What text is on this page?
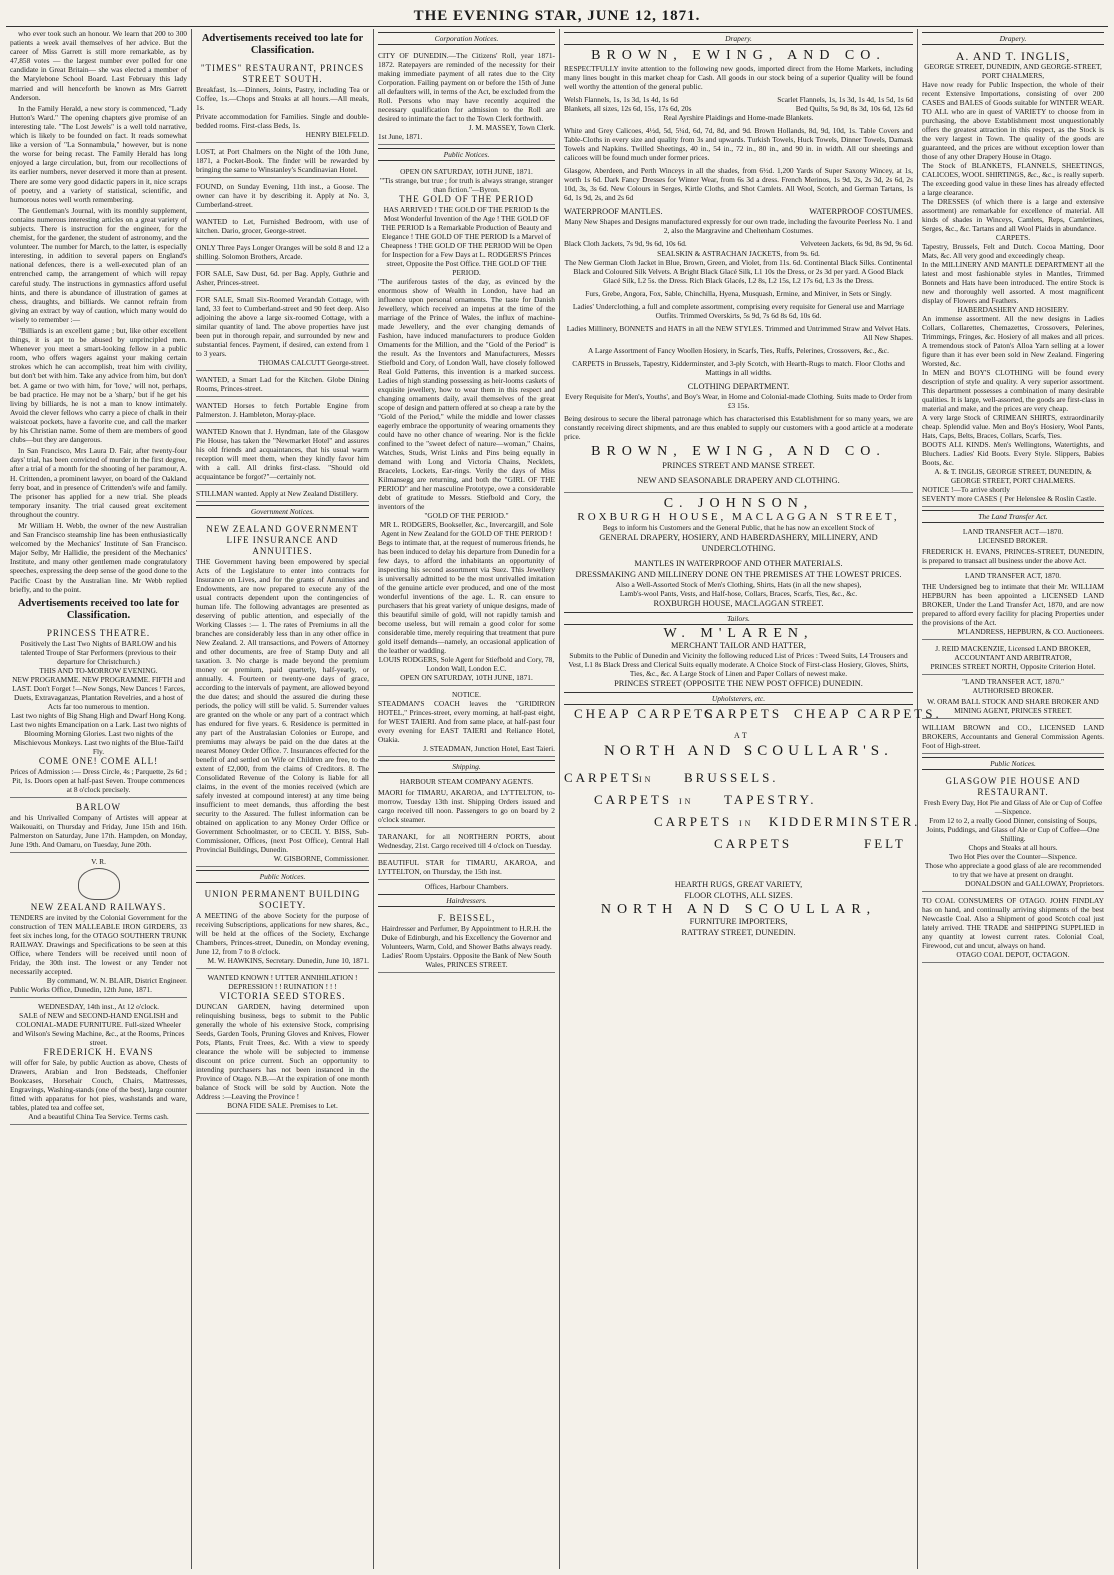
THE EVENING STAR, JUNE 12, 1871.

who ever took such an honour. We learn that 200 to 300 patients a week avail themselves of her advice. But the career of Miss Garrett is still more remarkable, as by 47,858 votes — the largest number ever polled for one candidate in Great Britain— she was elected a member of the Marylebone School Board. Last February this lady married and will henceforth be known as Mrs Garrett Anderson.

In the Family Herald, a new story is commenced, "Lady Hutton's Ward." The opening chapters give promise of an interesting tale. "The Lost Jewels" is a well told narrative, which is likely to be founded on fact. It reads somewhat like a version of "La Sonnambula," however, but is none the worse for being recast. The Family Herald has long enjoyed a large circulation, but, from our recollections of its earlier numbers, never deserved it more than at present. There are some very good didactic papers in it, nice scraps of poetry, and a variety of statistical, scientific, and humorous notes well worth remembering.

The Gentleman's Journal, with its monthly supplement, contains numerous interesting articles on a great variety of subjects. There is instruction for the engineer, for the chemist, for the gardener, the student of astronomy, and the volunteer. The number for March, to the latter, is especially interesting, in addition to several papers on England's national defences, there is a well-executed plan of an entrenched camp, the arrangement of which will repay careful study. The instructions in gymnastics afford useful hints, and there is abundance of illustration of games at chess, draughts, and billiards. We cannot refrain from giving an extract by way of caution, which many would do wisely to remember :—

"Billiards is an excellent game ; but, like other excellent things, it is apt to be abused by unprincipled men. Whenever you meet a smart-looking fellow in a public room, who offers wagers against your making certain strokes which he can accomplish, treat him with civility, but don't bet with him. Take any advice from him, but don't bet. A game or two with him, for 'love,' will not, perhaps, be bad practice. He may not be a 'sharp,' but if he get his living by billiards, he is not a man to know intimately. Avoid the clever fellows who carry a piece of chalk in their waistcoat pockets, have a favorite cue, and call the marker by his Christian name. Some of them are members of good clubs—but they are dangerous.

In San Francisco, Mrs Laura D. Fair, after twenty-four days' trial, has been convicted of murder in the first degree, after a trial of a month for the shooting of her paramour, A. H. Crittenden, a prominent lawyer, on board of the Oakland ferry boat, and in presence of Crittenden's wife and family. The prisoner has applied for a new trial. She pleads temporary insanity. The trial caused great excitement throughout the country.

Mr William H. Webb, the owner of the new Australian and San Francisco steamship line has been enthusiastically welcomed by the Mechanics' Institute of San Francisco. Major Selby, Mr Hallidie, the president of the Mechanics' Institute, and many other gentlemen made congratulatory speeches, expressing the deep sense of the good done to the Pacific Coast by the Australian line. Mr Webb replied briefly, and to the point.

Advertisements received too late for Classification.
PRINCESS THEATRE.
Positively the Last Two Nights of BARLOW and his talented Troupe of Star Performers (previous to their departure for Christchurch.)
THIS AND TO-MORROW EVENING.
NEW PROGRAMME. NEW PROGRAMME. FIFTH and LAST. Don't Forget !—New Songs, New Dances ! Farces, Duets, Extravaganzas, Plantation Revelries, and a host of Acts far too numerous to mention.
Last two nights of Big Shang High and Dwarf Hong Kong. Last two nights Emancipation on a Lark. Last two nights of Blooming Morning Glories. Last two nights of the Mischievous Monkeys. Last two nights of the Blue-Tail'd Fly.
COME ONE! COME ALL!
Prices of Admission :— Dress Circle, 4s ; Parquette, 2s 6d ; Pit, 1s. Doors open at half-past Seven. Troupe commences at 8 o'clock precisely.
BARLOW
and his Unrivalled Company of Artistes will appear at Waikouaiti, on Thursday and Friday, June 15th and 16th. Palmerston on Saturday, June 17th. Hampden, on Monday, June 19th. And Oamaru, on Tuesday, June 20th.
V. R.
NEW ZEALAND RAILWAYS.
TENDERS are invited by the Colonial Government for the construction of TEN MALLEABLE IRON GIRDERS, 33 feet six inches long, for the OTAGO SOUTHERN TRUNK RAILWAY. Drawings and Specifications to be seen at this Office, where Tenders will be received until noon of Friday, the 30th inst. The lowest or any Tender not necessarily accepted.
By command, W. N. BLAIR, District Engineer.
Public Works Office, Dunedin, 12th June, 1871.
WEDNESDAY, 14th inst., At 12 o'clock.
SALE of NEW and SECOND-HAND ENGLISH and COLONIAL-MADE FURNITURE. Full-sized Wheeler and Wilson's Sewing Machine, &c., at the Rooms, Princes street.
FREDERICK H. EVANS
will offer for Sale, by public Auction as above, Chests of Drawers, Arabian and Iron Bedsteads, Cheffonier Bookcases, Horsehair Couch, Chairs, Mattresses, Engravings, Washing-stands (one of the best), large counter fitted with apparatus for hot pies, washstands and ware, tables, plated tea and coffee set,
And a beautiful China Tea Service. Terms cash.
Advertisements received too late for Classification.
"TIMES" RESTAURANT, PRINCES STREET SOUTH.
Breakfast, 1s.—Dinners, Joints, Pastry, including Tea or Coffee, 1s.—Chops and Steaks at all hours.—All meals, 1s.
Private accommodation for Families. Single and double-bedded rooms. First-class Beds, 1s.
HENRY BIELFELD.
LOST, at Port Chalmers on the Night of the 10th June, 1871, a Pocket-Book. The finder will be rewarded by bringing the same to Winstanley's Scandinavian Hotel.
FOUND, on Sunday Evening, 11th inst., a Goose. The owner can have it by describing it. Apply at No. 3, Cumberland-street.
WANTED to Let, Furnished Bedroom, with use of kitchen. Dario, grocer, George-street.
ONLY Three Pays Longer Oranges will be sold 8 and 12 a shilling. Solomon Brothers, Arcade.
FOR SALE, Saw Dust, 6d. per Bag. Apply, Guthrie and Asher, Princes-street.
FOR SALE, Small Six-Roomed Verandah Cottage, with land, 33 feet to Cumberland-street and 90 feet deep. Also adjoining the above a large six-roomed Cottage, with a similar quantity of land. The above properties have just been put in thorough repair, and surrounded by new and substantial fences. Payment, if desired, can extend from 1 to 3 years.
THOMAS CALCUTT George-street.
WANTED, a Smart Lad for the Kitchen. Globe Dining Rooms, Princes-street.
WANTED Horses to fetch Portable Engine from Palmerston. J. Hambleton, Moray-place.
WANTED Known that J. Hyndman, late of the Glasgow Pie House, has taken the "Newmarket Hotel" and assures his old friends and acquaintances, that his usual warm reception will meet them, when they kindly favor him with a call. All drinks first-class. "Should old acquaintance be forgot?"—certainly not.
STILLMAN wanted. Apply at New Zealand Distillery.
Government Notices.
NEW ZEALAND GOVERNMENT LIFE INSURANCE AND ANNUITIES.
THE Government having been empowered by special Acts of the Legislature to enter into contracts for Insurance on Lives, and for the grants of Annuities and Endowments, are now prepared to execute any of the usual contracts dependent upon the contingencies of human life. The following advantages are presented as deserving of public attention, and especially of the Working Classes :— 1. The rates of Premiums in all the branches are considerably less than in any other office in New Zealand. 2. All transactions, and Powers of Attorney and other documents, are free of Stamp Duty and all taxation. 3. No charge is made beyond the premium money or premium, paid quarterly, half-yearly, or annually. 4. Fourteen or twenty-one days of grace, according to the intervals of payment, are allowed beyond the due dates; and should the assured die during these periods, the policy will still be valid. 5. Surrender values are granted on the whole or any part of a contract which has endured for five years. 6. Residence is permitted in any part of the Australasian Colonies or Europe, and premiums may always be paid on the due dates at the nearest Money Order Office. 7. Insurances effected for the benefit of and settled on Wife or Children are free, to the extent of £2,000, from the claims of Creditors. 8. The Consolidated Revenue of the Colony is liable for all claims, in the event of the monies received (which are safely invested at compound interest) at any time being insufficient to meet demands, thus affording the best security to the Assured. The fullest information can be obtained on application to any Money Order Office or Government Schoolmaster, or to CECIL Y. BISS, Sub-Commissioner, Offices, (next Post Office), Central Hall Provincial Buildings, Dunedin.
W. GISBORNE, Commissioner.
Public Notices.
UNION PERMANENT BUILDING SOCIETY.
A MEETING of the above Society for the purpose of receiving Subscriptions, applications for new shares, &c., will be held at the offices of the Society, Exchange Chambers, Princes-street, Dunedin, on Monday evening, June 12, from 7 to 8 o'clock.
M. W. HAWKINS, Secretary. Dunedin, June 10, 1871.
WANTED KNOWN ! UTTER ANNIHILATION ! DEPRESSION ! ! RUINATION ! ! !
VICTORIA SEED STORES.
DUNCAN GARDEN, having determined upon relinquishing business, begs to submit to the Public generally the whole of his extensive Stock, comprising Seeds, Garden Tools, Pruning Gloves and Knives, Flower Pots, Plants, Fruit Trees, &c. With a view to speedy clearance the whole will be subjected to immense discount on price current. Such an opportunity to intending purchasers has not been instanced in the Province of Otago. N.B.—At the expiration of one month balance of Stock will be sold by Auction. Note the Address :—Leaving the Province !
BONA FIDE SALE. Premises to Let.
Corporation Notices.
CITY OF DUNEDIN.—The Citizens' Roll, year 1871-1872. Ratepayers are reminded of the necessity for their making immediate payment of all rates due to the City Corporation. Failing payment on or before the 15th of June all defaulters will, in terms of the Act, be excluded from the Roll. Persons who may have recently acquired the necessary qualification for admission to the Roll are desired to intimate the fact to the Town Clerk forthwith.
J. M. MASSEY, Town Clerk.
1st June, 1871.
Public Notices.
OPEN ON SATURDAY, 10TH JUNE, 1871.
"'Tis strange, but true ; for truth is always strange, stranger than fiction."—Byron.
THE GOLD OF THE PERIOD
HAS ARRIVED ! THE GOLD OF THE PERIOD Is the Most Wonderful Invention of the Age ! THE GOLD OF THE PERIOD Is a Remarkable Production of Beauty and Elegance ! THE GOLD OF THE PERIOD Is a Marvel of Cheapness ! THE GOLD OF THE PERIOD Will be Open for Inspection for a Few Days at L. RODGERS'S Princes street, Opposite the Post Office. THE GOLD OF THE PERIOD.
"The auriferous tastes of the day, as evinced by the enormous show of Wealth in London, have had an influence upon personal ornaments. The taste for Danish Jewellery, which received an impetus at the time of the marriage of the Prince of Wales, the influx of machine-made Jewellery, and the ever changing demands of Fashion, have induced manufacturers to produce Golden Ornaments for the Million, and the "Gold of the Period" is the result. As the Inventors and Manufacturers, Messrs Stiefbold and Cory, of London Wall, have closely followed Real Gold Patterns, this invention is a marked success. Ladies of high standing possessing as heir-looms caskets of exquisite jewellery, how to wear them in this respect and changing ornaments daily, avail themselves of the great scope of design and pattern offered at so cheap a rate by the "Gold of the Period," while the middle and lower classes eagerly embrace the opportunity of wearing ornaments they could have no other chance of wearing. Nor is the fickle confined to the "sweet defect of nature—woman," Chains, Watches, Studs, Wrist Links and Pins being equally in demand with Long and Victoria Chains, Necklets, Bracelets, Lockets, Ear-rings. Verily the days of Miss Kilmansegg are returning, and both the "GIRL OF THE PERIOD" and her masculine Prototype, owe a considerable debt of gratitude to Messrs. Stiefbold and Cory, the inventors of the
"GOLD OF THE PERIOD."
MR L. RODGERS, Bookseller, &c., Invercargill, and Sole Agent in New Zealand for the GOLD OF THE PERIOD !
Begs to intimate that, at the request of numerous friends, he has been induced to delay his departure from Dunedin for a few days, to afford the inhabitants an opportunity of inspecting his second assortment via Suez. This Jewellery is universally admitted to be the most unrivalled imitation of the genuine article ever produced, and one of the most wonderful inventions of the age. L. R. can ensure to purchasers that his great variety of unique designs, made of this beautiful simile of gold, will not rapidly tarnish and become useless, but will remain a good color for some considerable time, merely requiring that treatment that pure gold itself demands—namely, an occasional application of the leather or wadding.
LOUIS RODGERS, Sole Agent for Stiefbold and Cory, 78, London Wall, London E.C.
OPEN ON SATURDAY, 10TH JUNE, 1871.
NOTICE.
STEADMAN'S COACH leaves the "GRIDIRON HOTEL," Princes-street, every morning, at half-past eight, for WEST TAIERI. And from same place, at half-past four every evening for EAST TAIERI and Reliance Hotel, Otakia.
J. STEADMAN, Junction Hotel, East Taieri.
Shipping.
HARBOUR STEAM COMPANY AGENTS.
MAORI for TIMARU, AKAROA, and LYTTELTON, to-morrow, Tuesday 13th inst. Shipping Orders issued and cargo received till noon. Passengers to go on board by 2 o'clock steamer.
TARANAKI, for all NORTHERN PORTS, about Wednesday, 21st. Cargo received till 4 o'clock on Tuesday.
BEAUTIFUL STAR for TIMARU, AKAROA, and LYTTELTON, on Thursday, the 15th inst.
Offices, Harbour Chambers.
Hairdressers.
F. BEISSEL,
Hairdresser and Perfumer, By Appointment to H.R.H. the Duke of Edinburgh, and his Excellency the Governor and Volunteers, Warm, Cold, and Shower Baths always ready. Ladies' Room Upstairs. Opposite the Bank of New South Wales, PRINCES STREET.
Drapery.
BROWN, EWING, AND CO.
RESPECTFULLY invite attention to the following new goods, imported direct from the Home Markets, including many lines bought in this market cheap for Cash. All goods in our stock being of a superior Quality will be found well worthy the attention of the general public.
Welsh Flannels, 1s, 1s 3d, 1s 4d, 1s 6d	Scarlet Flannels, 1s, 1s 3d, 1s 4d, 1s 5d, 1s 6d
Blankets, all sizes, 12s 6d, 15s, 17s 6d, 20s	Bed Quilts, 5s 9d, 8s 3d, 10s 6d, 12s 6d
Real Ayrshire Plaidings and Home-made Blankets.
White and Grey Calicoes, 4½d, 5d, 5¼d, 6d, 7d, 8d, and 9d. Brown Hollands, 8d, 9d, 10d, 1s. Table Covers and Table-Cloths in every size and quality from 3s and upwards. Turkish Towels, Huck Towels, Dinner Towels, Damask Towels and Napkins. Twilled Sheetings, 40 in., 54 in., 72 in., 80 in., and 90 in. in width. All our sheetings and calicoes will be found much under former prices.
Glasgow, Aberdeen, and Perth Winceys in all the shades, from 6½d. 1,200 Yards of Super Saxony Wincey, at 1s, worth 1s 6d. Dark Fancy Dresses for Winter Wear, from 6s 3d a dress. French Merinos, 1s 9d, 2s, 2s 3d, 2s 6d, 2s 10d, 3s, 3s 6d. New Colours in Serges, Kirtle Cloths, and Shot Camlets. All Wool, Scotch, and German Tartans, 1s 6d, 1s 9d, 2s, and 2s 6d
WATERPROOF MANTLES.	WATERPROOF COSTUMES.
Many New Shapes and Designs manufactured expressly for our own trade, including the favourite Peerless No. 1 and 2, also the Margravine and Cheltenham Costumes.
Black Cloth Jackets, 7s 9d, 9s 6d, 10s 6d.	Velveteen Jackets, 6s 9d, 8s 9d, 9s 6d.
SEALSKIN & ASTRACHAN JACKETS, from 9s. 6d.
The New German Cloth Jacket in Blue, Brown, Green, and Violet, from 11s. 6d. Continental Black Silks. Continental Black and Coloured Silk Velvets. A Bright Black Glacé Silk, L1 10s the Dress, or 2s 3d per yard. A Good Black Glacé Silk, L2 5s. the Dress. Rich Black Glacés, L2 8s, L2 15s, L2 17s 6d, L3 3s the Dress.
Furs, Grebe, Angora, Fox, Sable, Chinchilla, Hyena, Musquash, Ermine, and Miniver, in Sets or Singly.
Ladies' Underclothing, a full and complete assortment, comprising every requisite for General use and Marriage Outfits. Trimmed Overskirts, 5s 9d, 7s 6d 8s 6d, 10s 6d.
Ladies Millinery, BONNETS and HATS in all the NEW STYLES. Trimmed and Untrimmed Straw and Velvet Hats.
All New Shapes.
A Large Assortment of Fancy Woollen Hosiery, in Scarfs, Ties, Ruffs, Pelerines, Crossovers, &c., &c.
CARPETS in Brussels, Tapestry, Kidderminster, and 3-ply Scotch, with Hearth-Rugs to match. Floor Cloths and Mattings in all widths.
CLOTHING DEPARTMENT.
Every Requisite for Men's, Youths', and Boy's Wear, in Home and Colonial-made Clothing. Suits made to Order from £3 15s.
Being desirous to secure the liberal patronage which has characterised this Establishment for so many years, we are constantly receiving direct shipments, and are thus enabled to supply our customers with a good article at a moderate price.
BROWN, EWING, AND CO.
PRINCES STREET AND MANSE STREET.
NEW AND SEASONABLE DRAPERY AND CLOTHING.
C. JOHNSON,
ROXBURGH HOUSE, MACLAGGAN STREET,
Begs to inform his Customers and the General Public, that he has now an excellent Stock of
GENERAL DRAPERY, HOSIERY, AND HABERDASHERY, MILLINERY, AND UNDERCLOTHING.
MANTLES IN WATERPROOF AND OTHER MATERIALS.
DRESSMAKING AND MILLINERY DONE ON THE PREMISES AT THE LOWEST PRICES.
Also a Well-Assorted Stock of Men's Clothing, Shirts, Hats (in all the new shapes),
Lamb's-wool Pants, Vests, and Half-hose, Collars, Braces, Scarfs, Ties, &c., &c.
ROXBURGH HOUSE, MACLAGGAN STREET.
Tailors.
W. M'LAREN,
MERCHANT TAILOR AND HATTER,
Submits to the Public of Dunedin and Vicinity the following reduced List of Prices : Tweed Suits, L4 Trousers and Vest, L1 8s Black Dress and Clerical Suits equally moderate. A Choice Stock of First-class Hosiery, Gloves, Shirts, Ties, &c., &c. A Large Stock of Linen and Paper Collars of newest make.
PRINCES STREET (OPPOSITE THE NEW POST OFFICE) DUNEDIN.
Upholsterers, etc.
CHEAP CARPETS.
CARPETS CHEAP CARPETS.
AT
NORTH AND SCOULLAR'S.
CARPETS
IN BRUSSELS.
CARPETS IN TAPESTRY.
CARPETS IN KIDDERMINSTER.
CARPETS	FELT
HEARTH RUGS, GREAT VARIETY,
FLOOR CLOTHS, ALL SIZES.
NORTH AND SCOULLAR,
FURNITURE IMPORTERS,
RATTRAY STREET, DUNEDIN.
Drapery.
A. AND T. INGLIS,
GEORGE STREET, DUNEDIN, AND GEORGE-STREET, PORT CHALMERS,
Have now ready for Public Inspection, the whole of their recent Extensive Importations, consisting of over 200 CASES and BALES of Goods suitable for WINTER WEAR. TO ALL who are in quest of VARIETY to choose from in purchasing, the above Establishment most unquestionably offers the greatest attraction in this respect, as the Stock is the very largest in Town. The quality of the goods are guaranteed, and the prices are without exception lower than those of any other Drapery House in Otago.
The Stock of BLANKETS, FLANNELS, SHEETINGS, CALICOES, WOOL SHIRTINGS, &c., &c., is really superb. The exceeding good value in these lines has already effected a large clearance.
The DRESSES (of which there is a large and extensive assortment) are remarkable for excellence of material. All kinds of shades in Winceys, Camlets, Reps, Camletines, Serges, &c., &c. Tartans and all Wool Plaids in abundance.
CARPETS.
Tapestry, Brussels, Felt and Dutch. Cocoa Matting, Door Mats, &c. All very good and exceedingly cheap.
In the MILLINERY AND MANTLE DEPARTMENT all the latest and most fashionable styles in Mantles, Trimmed Bonnets and Hats have been introduced. The entire Stock is new and thoroughly well assorted. A most magnificent display of Flowers and Feathers.
HABERDASHERY AND HOSIERY.
An immense assortment. All the new designs in Ladies Collars, Collarettes, Chemazettes, Crossovers, Pelerines, Trimmings, Fringes, &c. Hosiery of all makes and all prices. A tremendous stock of Paton's Alloa Yarn selling at a lower figure than it has ever been sold in New Zealand. Fingering Worsted, &c.
In MEN and BOY'S CLOTHING will be found every description of style and quality. A very superior assortment. This department possesses a combination of many desirable qualities. It is large, well-assorted, the goods are first-class in material and make, and the prices are very cheap.
A very large Stock of CRIMEAN SHIRTS, extraordinarily cheap. Splendid value. Men and Boy's Hosiery, Wool Pants, Hats, Caps, Belts, Braces, Collars, Scarfs, Ties.
BOOTS ALL KINDS. Men's Wellingtons, Watertights, and Bluchers. Ladies' Kid Boots. Every Style. Slippers, Babies Boots, &c.
A. & T. INGLIS, GEORGE STREET, DUNEDIN, & GEORGE STREET, PORT CHALMERS.
NOTICE !—To arrive shortly
SEVENTY more CASES { Per Helenslee & Roslin Castle.
The Land Transfer Act.
LAND TRANSFER ACT—1870.
LICENSED BROKER.
FREDERICK H. EVANS, PRINCES-STREET, DUNEDIN, is prepared to transact all business under the above Act.
LAND TRANSFER ACT, 1870.
THE Undersigned beg to intimate that their Mr. WILLIAM HEPBURN has been appointed a LICENSED LAND BROKER, Under the Land Transfer Act, 1870, and are now prepared to afford every facility for placing Properties under the provisions of the Act.
M'LANDRESS, HEPBURN, & CO. Auctioneers.
J. REID MACKENZIE, Licensed LAND BROKER, ACCOUNTANT AND ARBITRATOR,
PRINCES STREET NORTH, Opposite Criterion Hotel.
"LAND TRANSFER ACT, 1870."
AUTHORISED BROKER.
W. ORAM BALL STOCK AND SHARE BROKER AND MINING AGENT, PRINCES STREET.
WILLIAM BROWN and CO., LICENSED LAND BROKERS, Accountants and General Commission Agents. Foot of High-street.
Public Notices.
GLASGOW PIE HOUSE AND RESTAURANT.
Fresh Every Day, Hot Pie and Glass of Ale or Cup of Coffee—Sixpence.
From 12 to 2, a really Good Dinner, consisting of Soups, Joints, Puddings, and Glass of Ale or Cup of Coffee—One Shilling.
Chops and Steaks at all hours.
Two Hot Pies over the Counter—Sixpence.
Those who appreciate a good glass of ale are recommended to try that we have at present on draught.
DONALDSON and GALLOWAY, Proprietors.
TO COAL CONSUMERS OF OTAGO. JOHN FINDLAY has on hand, and continually arriving shipments of the best Newcastle Coal. Also a Shipment of good Scotch coal just lately arrived. THE TRADE and SHIPPING SUPPLIED in any quantity at lowest current rates. Colonial Coal, Firewood, cut and uncut, always on hand.
OTAGO COAL DEPOT, OCTAGON.
